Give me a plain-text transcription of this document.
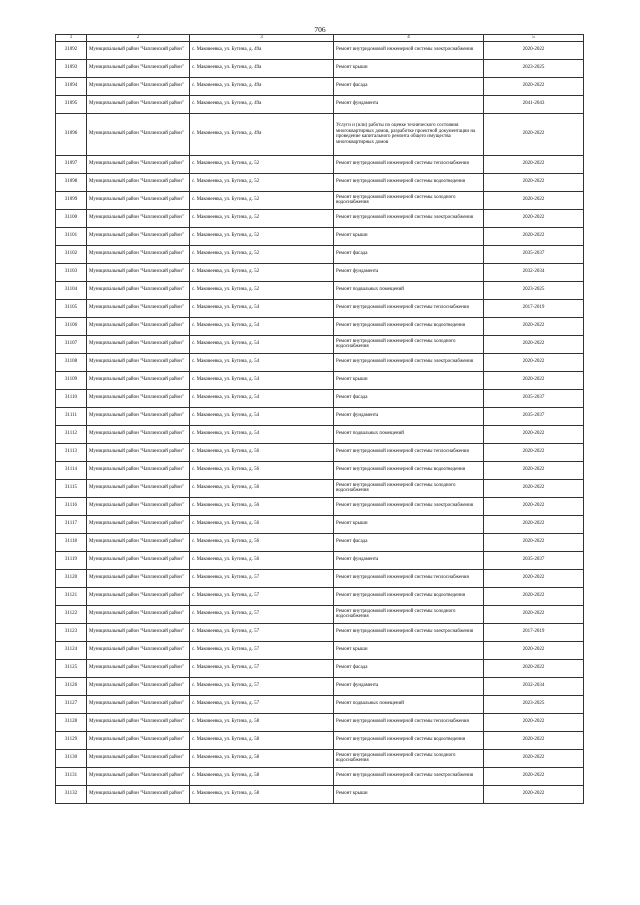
706
1	2	3	4	5
31092	Муниципальный район "Чаплинский район"	с. Маковеевка, ул. Бутина, д. 49а	Ремонт внутридомовой инженерной системы электроснабжения	2020-2022
31093	Муниципальный район "Чаплинский район"	с. Маковеевка, ул. Бутина, д. 49а	Ремонт крыши	2023-2025
31094	Муниципальный район "Чаплинский район"	с. Маковеевка, ул. Бутина, д. 49а	Ремонт фасада	2020-2022
31095	Муниципальный район "Чаплинский район"	с. Маковеевка, ул. Бутина, д. 49а	Ремонт фундамента	2041-2043
31096	Муниципальный район "Чаплинский район"	с. Маковеевка, ул. Бутина, д. 49а	Услуги и (или) работы по оценке технического состояния многоквартирных домов, разработке проектной документации на проведение капитального ремонта общего имущества многоквартирных домов	2020-2022
31097	Муниципальный район "Чаплинский район"	с. Маковеевка, ул. Бутина, д. 52	Ремонт внутридомовой инженерной системы теплоснабжения	2020-2022
31098	Муниципальный район "Чаплинский район"	с. Маковеевка, ул. Бутина, д. 52	Ремонт внутридомовой инженерной системы водоотведения	2020-2022
31099	Муниципальный район "Чаплинский район"	с. Маковеевка, ул. Бутина, д. 52	Ремонт внутридомовой инженерной системы холодного водоснабжения	2020-2022
31100	Муниципальный район "Чаплинский район"	с. Маковеевка, ул. Бутина, д. 52	Ремонт внутридомовой инженерной системы электроснабжения	2020-2022
31101	Муниципальный район "Чаплинский район"	с. Маковеевка, ул. Бутина, д. 52	Ремонт крыши	2020-2022
31102	Муниципальный район "Чаплинский район"	с. Маковеевка, ул. Бутина, д. 52	Ремонт фасада	2035-2037
31103	Муниципальный район "Чаплинский район"	с. Маковеевка, ул. Бутина, д. 52	Ремонт фундамента	2032-2034
31104	Муниципальный район "Чаплинский район"	с. Маковеевка, ул. Бутина, д. 52	Ремонт подвальных помещений	2023-2025
31105	Муниципальный район "Чаплинский район"	с. Маковеевка, ул. Бутина, д. 54	Ремонт внутридомовой инженерной системы теплоснабжения	2017-2019
31106	Муниципальный район "Чаплинский район"	с. Маковеевка, ул. Бутина, д. 54	Ремонт внутридомовой инженерной системы водоотведения	2020-2022
31107	Муниципальный район "Чаплинский район"	с. Маковеевка, ул. Бутина, д. 54	Ремонт внутридомовой инженерной системы холодного водоснабжения	2020-2022
31108	Муниципальный район "Чаплинский район"	с. Маковеевка, ул. Бутина, д. 54	Ремонт внутридомовой инженерной системы электроснабжения	2020-2022
31109	Муниципальный район "Чаплинский район"	с. Маковеевка, ул. Бутина, д. 54	Ремонт крыши	2020-2022
31110	Муниципальный район "Чаплинский район"	с. Маковеевка, ул. Бутина, д. 54	Ремонт фасада	2035-2037
31111	Муниципальный район "Чаплинский район"	с. Маковеевка, ул. Бутина, д. 54	Ремонт фундамента	2035-2037
31112	Муниципальный район "Чаплинский район"	с. Маковеевка, ул. Бутина, д. 54	Ремонт подвальных помещений	2020-2022
31113	Муниципальный район "Чаплинский район"	с. Маковеевка, ул. Бутина, д. 56	Ремонт внутридомовой инженерной системы теплоснабжения	2020-2022
31114	Муниципальный район "Чаплинский район"	с. Маковеевка, ул. Бутина, д. 56	Ремонт внутридомовой инженерной системы водоотведения	2020-2022
31115	Муниципальный район "Чаплинский район"	с. Маковеевка, ул. Бутина, д. 56	Ремонт внутридомовой инженерной системы холодного водоснабжения	2020-2022
31116	Муниципальный район "Чаплинский район"	с. Маковеевка, ул. Бутина, д. 56	Ремонт внутридомовой инженерной системы электроснабжения	2020-2022
31117	Муниципальный район "Чаплинский район"	с. Маковеевка, ул. Бутина, д. 56	Ремонт крыши	2020-2022
31118	Муниципальный район "Чаплинский район"	с. Маковеевка, ул. Бутина, д. 56	Ремонт фасада	2020-2022
31119	Муниципальный район "Чаплинский район"	с. Маковеевка, ул. Бутина, д. 56	Ремонт фундамента	2035-2037
31120	Муниципальный район "Чаплинский район"	с. Маковеевка, ул. Бутина, д. 57	Ремонт внутридомовой инженерной системы теплоснабжения	2020-2022
31121	Муниципальный район "Чаплинский район"	с. Маковеевка, ул. Бутина, д. 57	Ремонт внутридомовой инженерной системы водоотведения	2020-2022
31122	Муниципальный район "Чаплинский район"	с. Маковеевка, ул. Бутина, д. 57	Ремонт внутридомовой инженерной системы холодного водоснабжения	2020-2022
31123	Муниципальный район "Чаплинский район"	с. Маковеевка, ул. Бутина, д. 57	Ремонт внутридомовой инженерной системы электроснабжения	2017-2019
31124	Муниципальный район "Чаплинский район"	с. Маковеевка, ул. Бутина, д. 57	Ремонт крыши	2020-2022
31125	Муниципальный район "Чаплинский район"	с. Маковеевка, ул. Бутина, д. 57	Ремонт фасада	2020-2022
31126	Муниципальный район "Чаплинский район"	с. Маковеевка, ул. Бутина, д. 57	Ремонт фундамента	2032-2034
31127	Муниципальный район "Чаплинский район"	с. Маковеевка, ул. Бутина, д. 57	Ремонт подвальных помещений	2023-2025
31128	Муниципальный район "Чаплинский район"	с. Маковеевка, ул. Бутина, д. 58	Ремонт внутридомовой инженерной системы теплоснабжения	2020-2022
31129	Муниципальный район "Чаплинский район"	с. Маковеевка, ул. Бутина, д. 58	Ремонт внутридомовой инженерной системы водоотведения	2020-2022
31130	Муниципальный район "Чаплинский район"	с. Маковеевка, ул. Бутина, д. 58	Ремонт внутридомовой инженерной системы холодного водоснабжения	2020-2022
31131	Муниципальный район "Чаплинский район"	с. Маковеевка, ул. Бутина, д. 58	Ремонт внутридомовой инженерной системы электроснабжения	2020-2022
31132	Муниципальный район "Чаплинский район"	с. Маковеевка, ул. Бутина, д. 58	Ремонт крыши	2020-2022
